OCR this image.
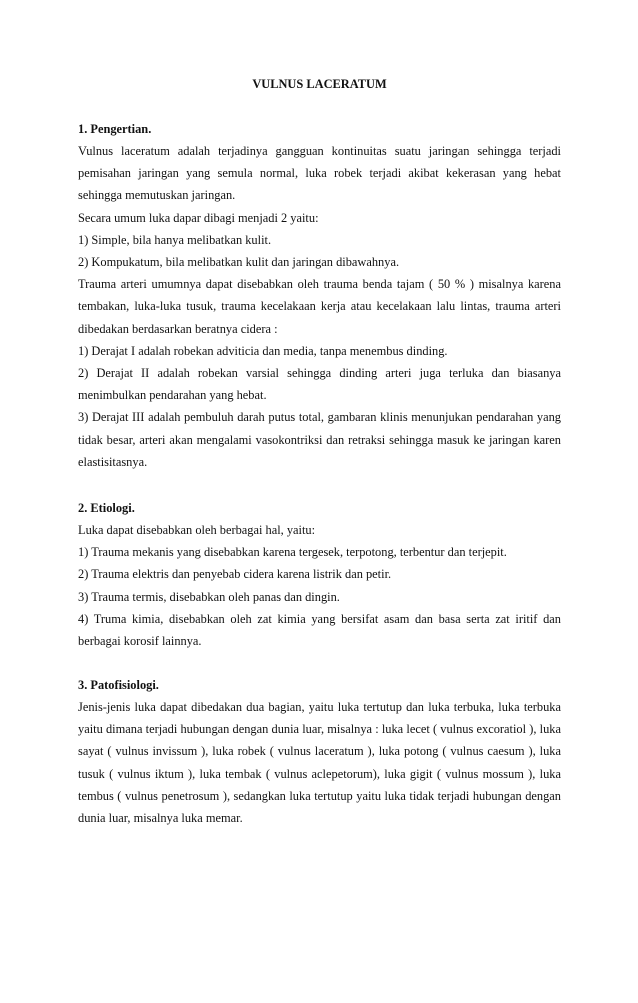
VULNUS LACERATUM
1. Pengertian.

Vulnus laceratum adalah terjadinya gangguan kontinuitas suatu jaringan sehingga terjadi pemisahan jaringan yang semula normal, luka robek terjadi akibat kekerasan yang hebat sehingga memutuskan jaringan.

Secara umum luka dapar dibagi menjadi 2 yaitu:
1) Simple, bila hanya melibatkan kulit.
2) Kompukatum, bila melibatkan kulit dan jaringan dibawahnya.

Trauma arteri umumnya dapat disebabkan oleh trauma benda tajam ( 50 % ) misalnya karena tembakan, luka-luka tusuk, trauma kecelakaan kerja atau kecelakaan lalu lintas, trauma arteri dibedakan berdasarkan beratnya cidera :

1) Derajat I adalah robekan adviticia dan media, tanpa menembus dinding.

2) Derajat II adalah robekan varsial sehingga dinding arteri juga terluka dan biasanya menimbulkan pendarahan yang hebat.

3) Derajat III adalah pembuluh darah putus total, gambaran klinis menunjukan pendarahan yang tidak besar, arteri akan mengalami vasokontriksi dan retraksi sehingga masuk ke jaringan karen elastisitasnya.

2. Etiologi.
Luka dapat disebabkan oleh berbagai hal, yaitu:
1) Trauma mekanis yang disebabkan karena tergesek, terpotong, terbentur dan terjepit.
2) Trauma elektris dan penyebab cidera karena listrik dan petir.
3) Trauma termis, disebabkan oleh panas dan dingin.

4) Truma kimia, disebabkan oleh zat kimia yang bersifat asam dan basa serta zat iritif dan berbagai korosif lainnya.

3. Patofisiologi.

Jenis-jenis luka dapat dibedakan dua bagian, yaitu luka tertutup dan luka terbuka, luka terbuka yaitu dimana terjadi hubungan dengan dunia luar, misalnya : luka lecet ( vulnus excoratiol ), luka sayat ( vulnus invissum ), luka robek ( vulnus laceratum ), luka potong ( vulnus caesum ), luka tusuk ( vulnus iktum ), luka tembak ( vulnus aclepetorum), luka gigit ( vulnus mossum ), luka tembus ( vulnus penetrosum ), sedangkan luka tertutup yaitu luka tidak terjadi hubungan dengan dunia luar, misalnya luka memar.
